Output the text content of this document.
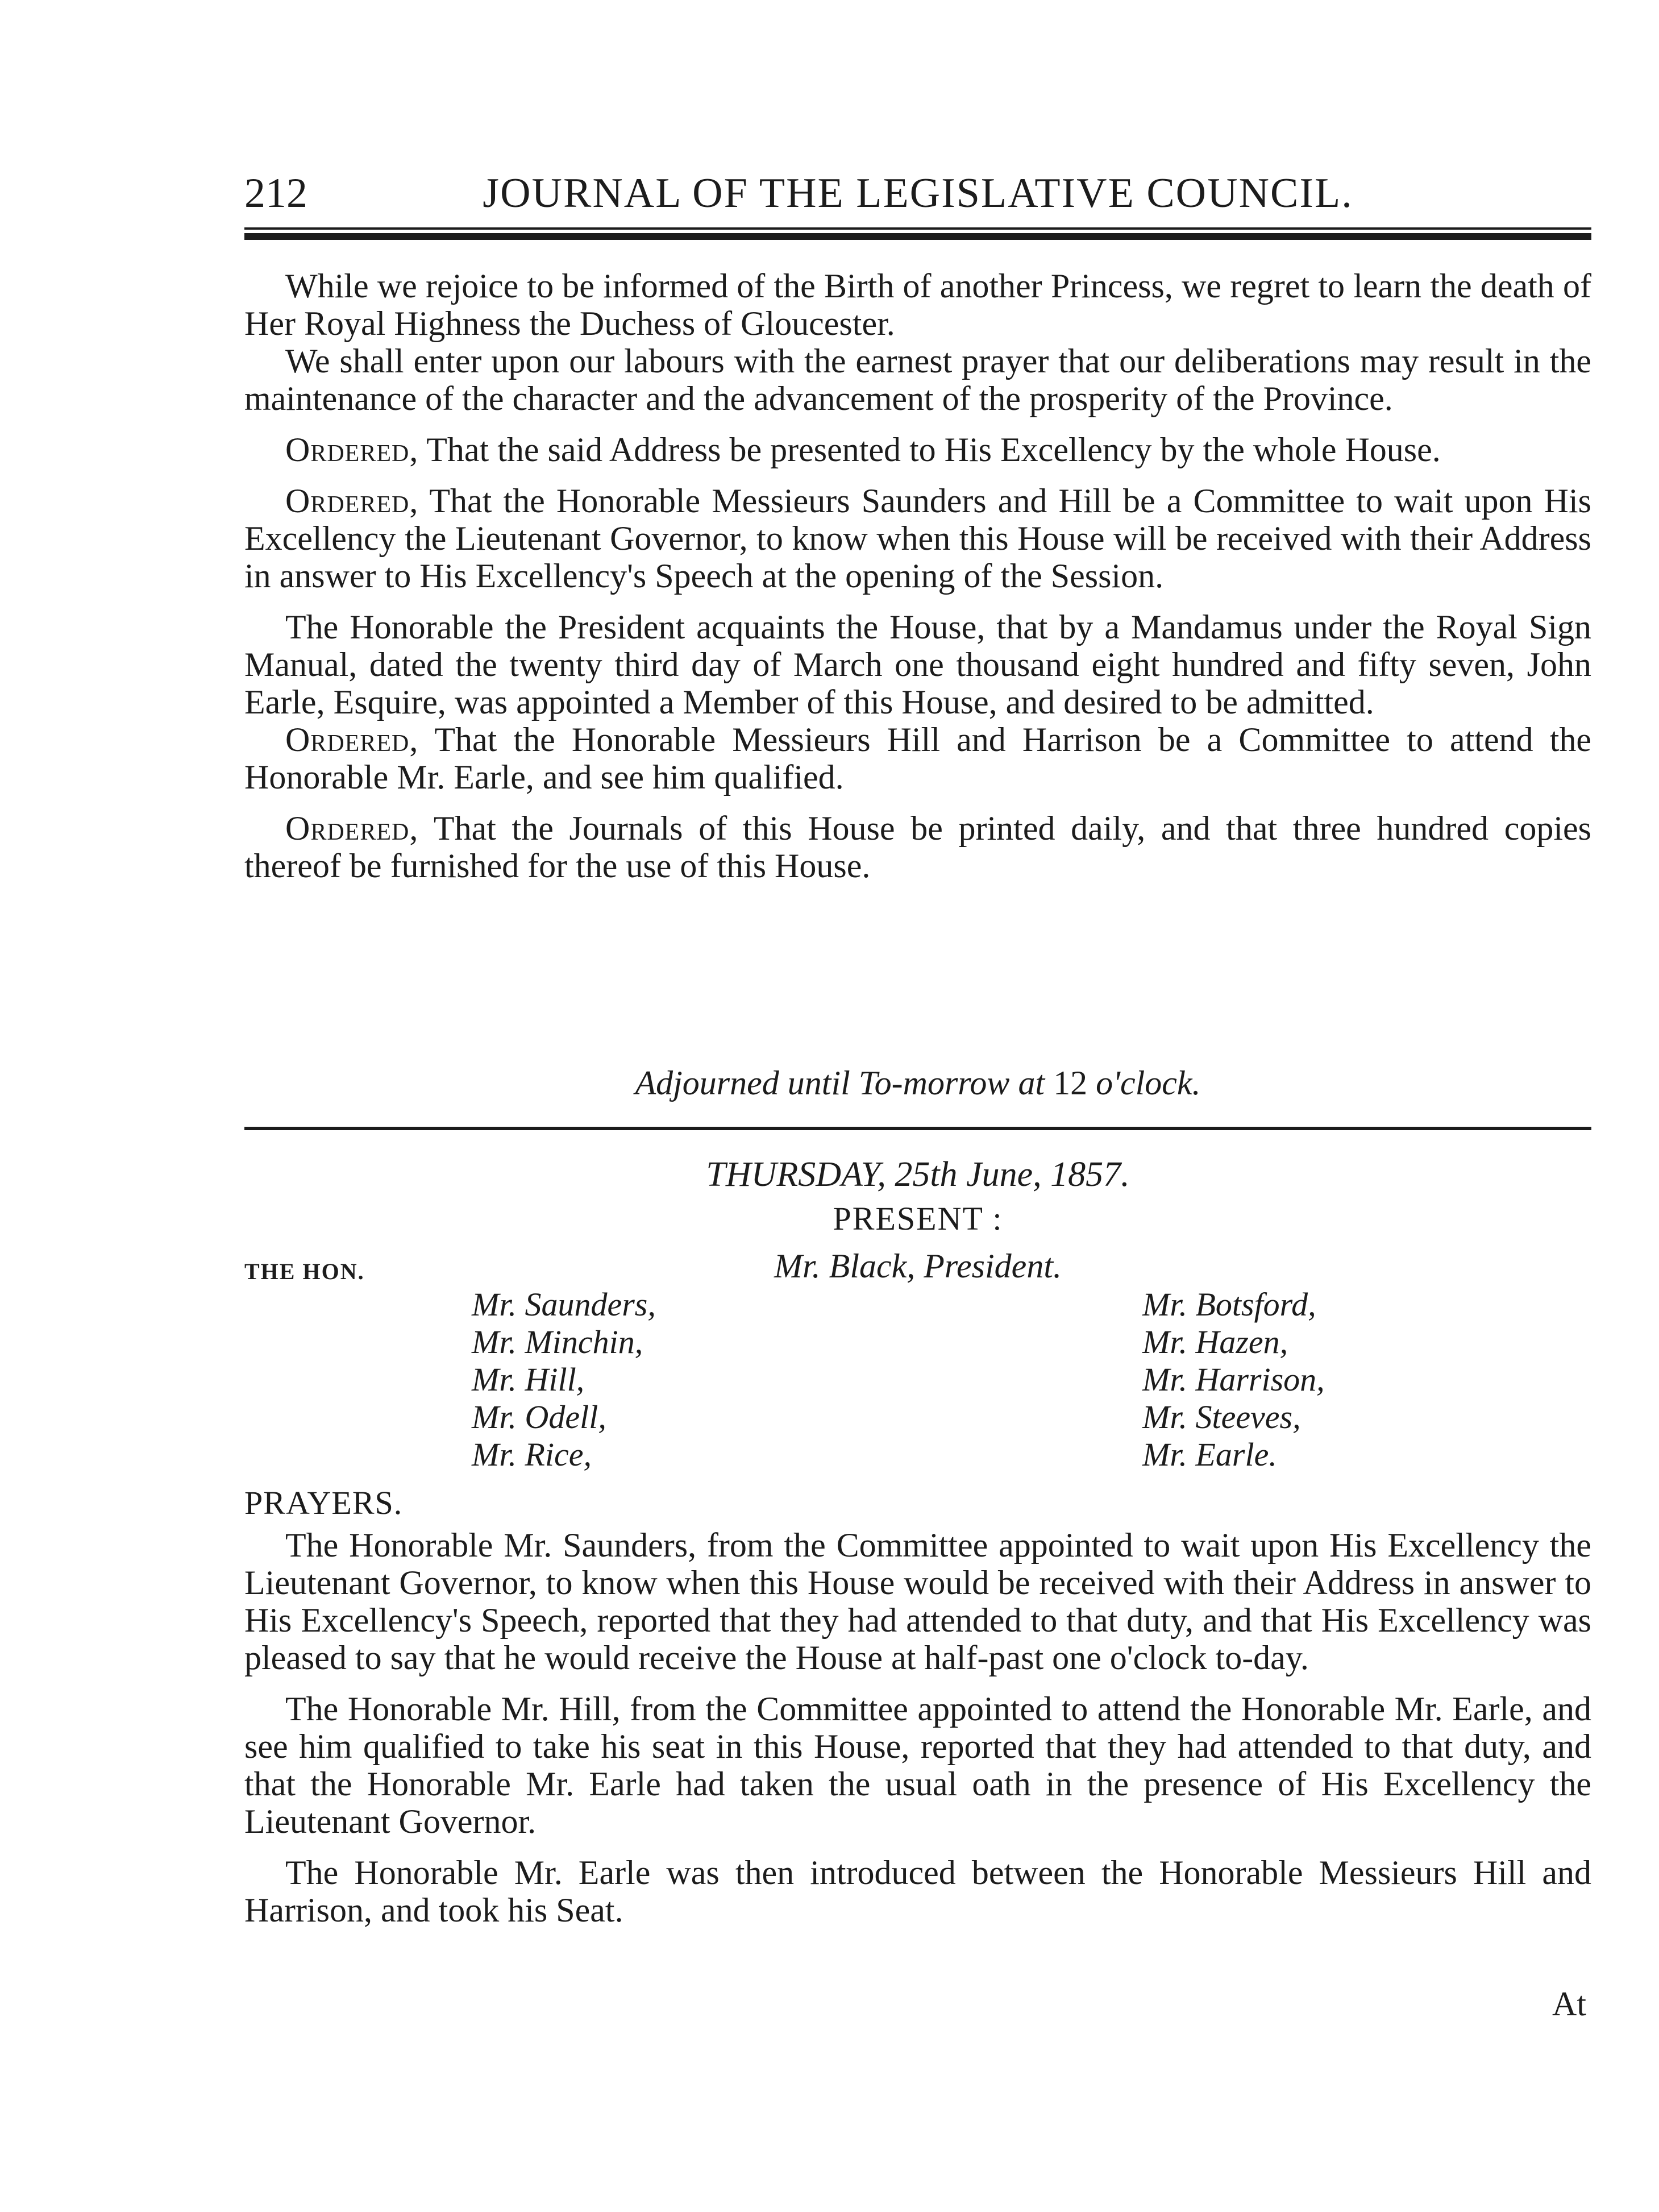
JOURNAL OF THE LEGISLATIVE COUNCIL.
212

While we rejoice to be informed of the Birth of another Princess, we regret to learn the death of Her Royal Highness the Duchess of Gloucester.

We shall enter upon our labours with the earnest prayer that our deliberations may result in the maintenance of the character and the advancement of the prosperity of the Province.

Ordered, That the said Address be presented to His Excellency by the whole House.

Ordered, That the Honorable Messieurs Saunders and Hill be a Committee to wait upon His Excellency the Lieutenant Governor, to know when this House will be received with their Address in answer to His Excellency's Speech at the opening of the Session.

The Honorable the President acquaints the House, that by a Mandamus under the Royal Sign Manual, dated the twenty third day of March one thousand eight hundred and fifty seven, John Earle, Esquire, was appointed a Member of this House, and desired to be admitted.

Ordered, That the Honorable Messieurs Hill and Harrison be a Committee to attend the Honorable Mr. Earle, and see him qualified.

Ordered, That the Journals of this House be printed daily, and that three hundred copies thereof be furnished for the use of this House.

Adjourned until To-morrow at 12 o'clock.
THURSDAY, 25th June, 1857.
PRESENT :
THE HON.	Mr. Black, President.
Mr. Saunders,
Mr. Minchin,
Mr. Hill,
Mr. Odell,
Mr. Rice,
Mr. Botsford,
Mr. Hazen,
Mr. Harrison,
Mr. Steeves,
Mr. Earle.
PRAYERS.

The Honorable Mr. Saunders, from the Committee appointed to wait upon His Excellency the Lieutenant Governor, to know when this House would be received with their Address in answer to His Excellency's Speech, reported that they had attended to that duty, and that His Excellency was pleased to say that he would receive the House at half-past one o'clock to-day.

The Honorable Mr. Hill, from the Committee appointed to attend the Honorable Mr. Earle, and see him qualified to take his seat in this House, reported that they had attended to that duty, and that the Honorable Mr. Earle had taken the usual oath in the presence of His Excellency the Lieutenant Governor.

The Honorable Mr. Earle was then introduced between the Honorable Messieurs Hill and Harrison, and took his Seat.

At
